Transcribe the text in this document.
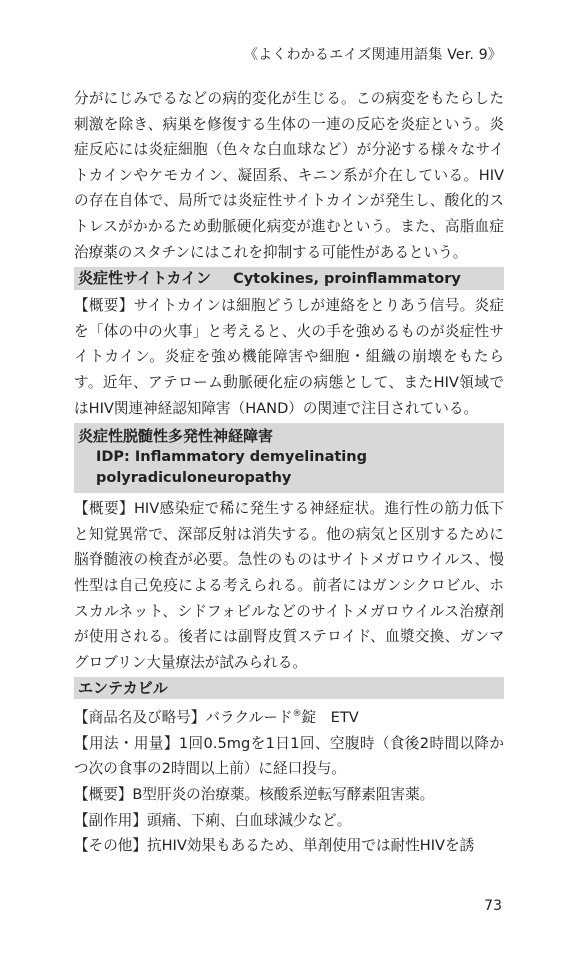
《よくわかるエイズ関連用語集 Ver. 9》

分がにじみでるなどの病的変化が生じる。この病変をもたらした刺激を除き、病巣を修復する生体の一連の反応を炎症という。炎症反応には炎症細胞（色々な白血球など）が分泌する様々なサイトカインやケモカイン、凝固系、キニン系が介在している。HIVの存在自体で、局所では炎症性サイトカインが発生し、酸化的ストレスがかかるため動脈硬化病変が進むという。また、高脂血症治療薬のスタチンにはこれを抑制する可能性があるという。

炎症性サイトカイン Cytokines, proinflammatory

【概要】サイトカインは細胞どうしが連絡をとりあう信号。炎症を「体の中の火事」と考えると、火の手を強めるものが炎症性サイトカイン。炎症を強め機能障害や細胞・組織の崩壊をもたらす。近年、アテローム動脈硬化症の病態として、またHIV領域ではHIV関連神経認知障害（HAND）の関連で注目されている。

炎症性脱髄性多発性神経障害
IDP: Inflammatory demyelinating
polyradiculoneuropathy

【概要】HIV感染症で稀に発生する神経症状。進行性の筋力低下と知覚異常で、深部反射は消失する。他の病気と区別するために脳脊髄液の検査が必要。急性のものはサイトメガロウイルス、慢性型は自己免疫による考えられる。前者にはガンシクロビル、ホスカルネット、シドフォビルなどのサイトメガロウイルス治療剤が使用される。後者には副腎皮質ステロイド、血漿交換、ガンマグロブリン大量療法が試みられる。

エンテカビル

【商品名及び略号】バラクルード®錠　ETV

【用法・用量】1回0.5mgを1日1回、空腹時（食後2時間以降かつ次の食事の2時間以上前）に経口投与。

【概要】B型肝炎の治療薬。核酸系逆転写酵素阻害薬。

【副作用】頭痛、下痢、白血球減少など。

【その他】抗HIV効果もあるため、単剤使用では耐性HIVを誘

73
